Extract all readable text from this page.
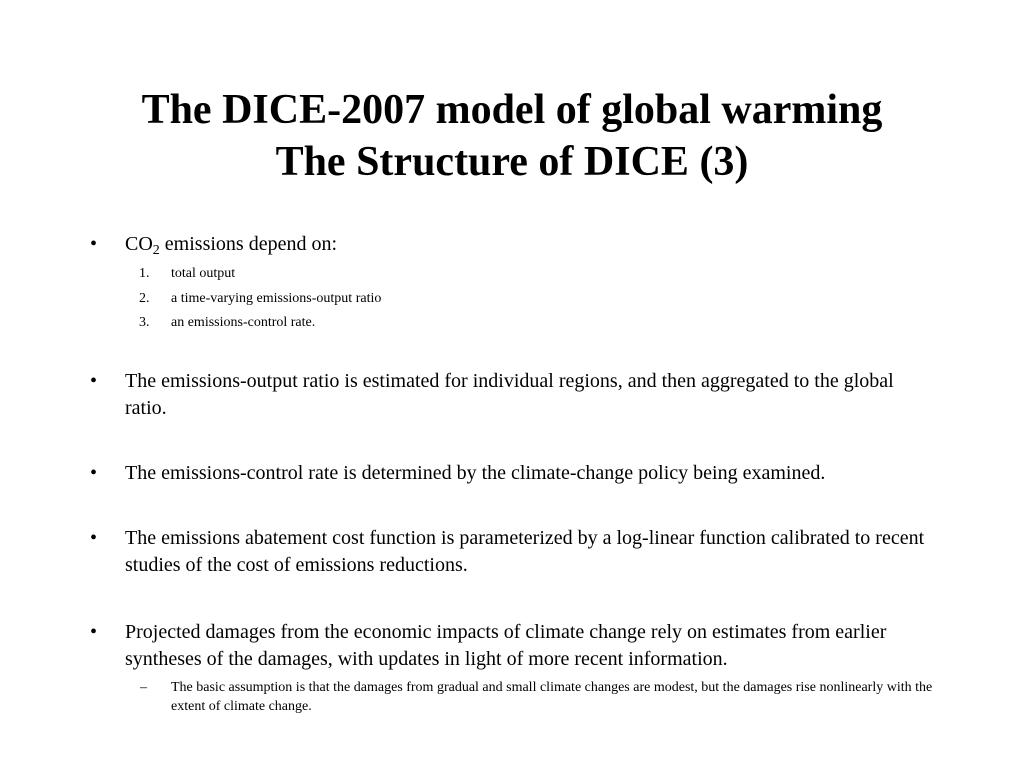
The DICE-2007 model of global warming
The Structure of DICE (3)
• $CO_2$ emissions depend on:
1. total output
2. a time-varying emissions-output ratio
3. an emissions-control rate.
• The emissions-output ratio is estimated for individual regions, and then aggregated to the global ratio.
• The emissions-control rate is determined by the climate-change policy being examined.
• The emissions abatement cost function is parameterized by a log-linear function calibrated to recent studies of the cost of emissions reductions.
• Projected damages from the economic impacts of climate change rely on estimates from earlier syntheses of the damages, with updates in light of more recent information.
– The basic assumption is that the damages from gradual and small climate changes are modest, but the damages rise nonlinearly with the extent of climate change.
